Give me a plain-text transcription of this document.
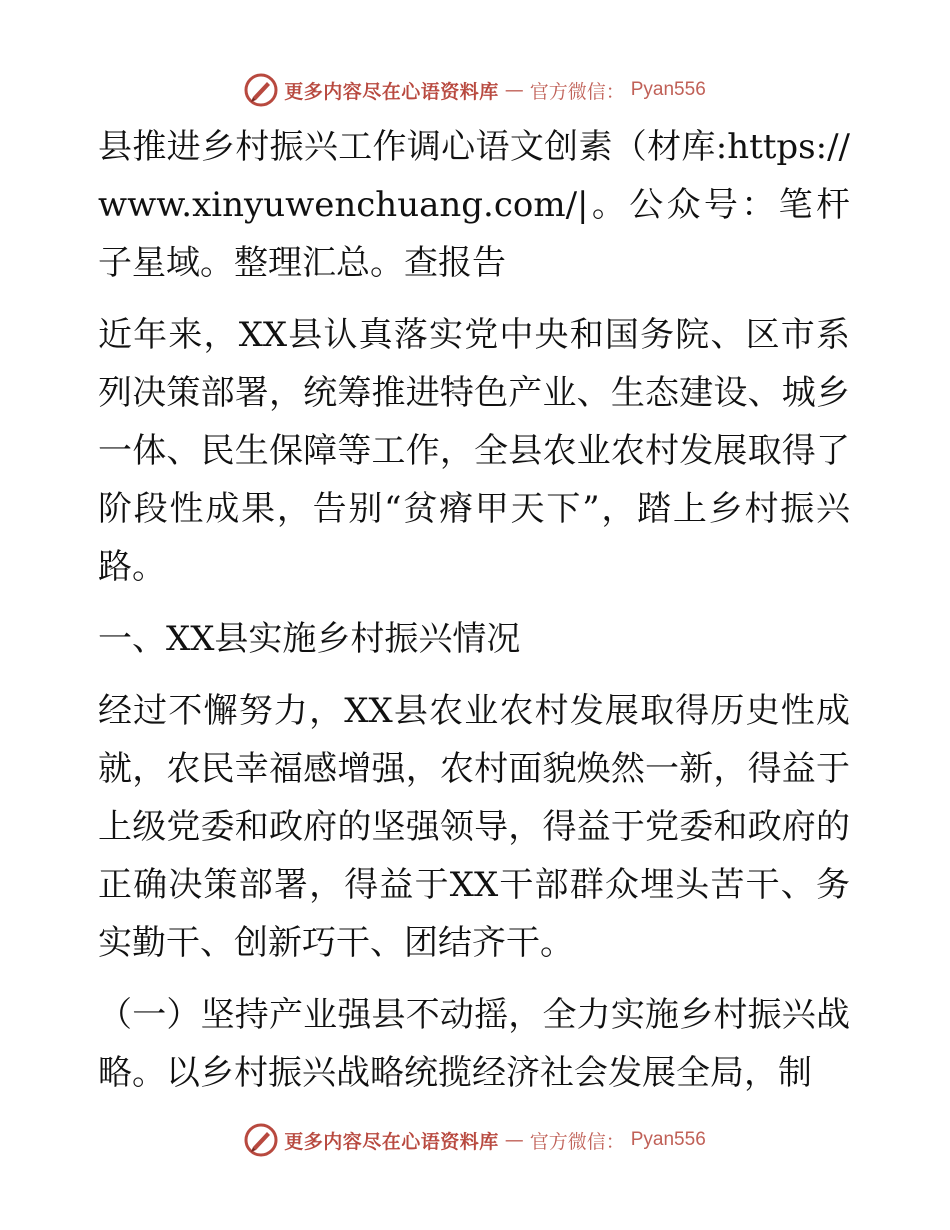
更多内容尽在心语资料库 — 官方微信： Pyan556

县推进乡村振兴工作调心语文创素（材库:https://www.xinyuwenchuang.com/|。公众号：笔杆子星域。整理汇总。查报告

近年来，XX县认真落实党中央和国务院、区市系列决策部署，统筹推进特色产业、生态建设、城乡一体、民生保障等工作，全县农业农村发展取得了阶段性成果，告别“贫瘠甲天下”，踏上乡村振兴路。

一、XX县实施乡村振兴情况

经过不懈努力，XX县农业农村发展取得历史性成就，农民幸福感增强，农村面貌焕然一新，得益于上级党委和政府的坚强领导，得益于党委和政府的正确决策部署，得益于XX干部群众埋头苦干、务实勤干、创新巧干、团结齐干。

（一）坚持产业强县不动摇，全力实施乡村振兴战略。以乡村振兴战略统揽经济社会发展全局，制

更多内容尽在心语资料库 — 官方微信： Pyan556
